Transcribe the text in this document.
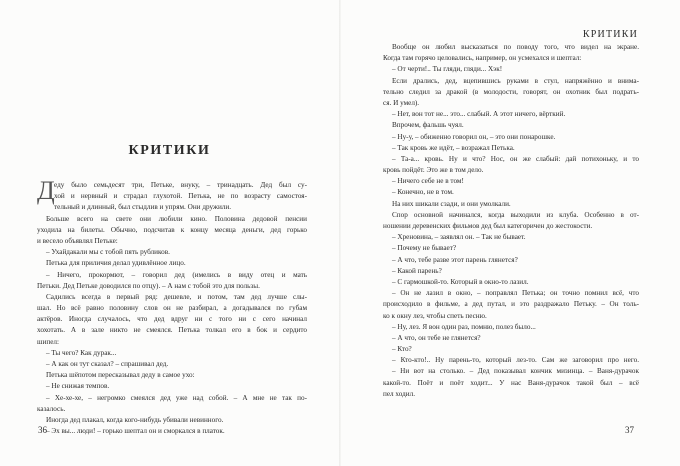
КРИТИКИ
Д еду было семьдесят три, Петьке, внуку, – тринадцать. Дед был су-
хой и нервный и страдал глухотой. Петька, не по возрасту самостоя-
тельный и длинный, был стыдлив и упрям. Они дружили.
Больше всего на свете они любили кино. Половина дедовой пенсии
уходила на билеты. Обычно, подсчитав к концу месяца деньги, дед горько
и весело объявлял Петьке:
– Ухайдакали мы с тобой пять рубликов.
Петька для приличия делал удивлённое лицо.
– Ничего, прокормют, – говорил дед (имелись в виду отец и мать
Петьки. Дед Петьке доводился по отцу). – А нам с тобой это для пользы.
Садились всегда в первый ряд: дешевле, и потом, там дед лучше слы-
шал. Но всё равно половину слов он не разбирал, а догадывался по губам
актёров. Иногда случалось, что дед вдруг ни с того ни с сего начинал
хохотать. А в зале никто не смеялся. Петька толкал его в бок и сердито
шипел:
– Ты чего? Как дурак...
– А как он тут сказал? – спрашивал дед.
Петька шёпотом пересказывал деду в самое ухо:
– Не снижая темпов.
– Хе-хе-хе, – негромко смеялся дед уже над собой. – А мне не так по-
казалось.
Иногда дед плакал, когда кого-нибудь убивали невинного.
– Эх вы... люди! – горько шептал он и сморкался в платок.
36
КРИТИКИ
Вообще он любил высказаться по поводу того, что видел на экране.
Когда там горячо целовались, например, он усмехался и шептал:
– От черти!.. Ты гляди, гляди... Хэк!
Если дрались, дед, вцепившись руками в стул, напряжённо и внима-
тельно следил за дракой (в молодости, говорят, он охотник был подрать-
ся. И умел).
– Нет, вон тот не... это... слабый. А этот ничего, вёрткий.
Впрочем, фальшь чуял.
– Ну-у, – обиженно говорил он, – это они понарошке.
– Так кровь же идёт, – возражал Петька.
– Та-а... кровь. Ну и что? Нос, он же слабый: дай потихоньку, и то
кровь пойдёт. Это же в том дело.
– Ничего себе не в том!
– Конечно, не в том.
На них шикали сзади, и они умолкали.
Спор основной начинался, когда выходили из клуба. Особенно в от-
ношении деревенских фильмов дед был категоричен до жестокости.
– Хреновина, – заявлял он. – Так не бывает.
– Почему не бывает?
– А что, тебе разве этот парень глянется?
– Какой парень?
– С гармошкой-то. Который в окно-то лазил.
– Он не лазил в окно, – поправлял Петька; он точно помнил всё, что
происходило в фильме, а дед путал, и это раздражало Петьку. – Он толь-
ко к окну лез, чтобы спеть песню.
– Ну, лез. Я вон один раз, помню, полез было...
– А что, он тебе не глянется?
– Кто?
– Кто-кто!.. Ну парень-то, который лез-то. Сам же заговорил про него.
– Ни вот на столько. – Дед показывал кончик мизинца. – Ваня-дурачок
какой-то. Поёт и поёт ходит... У нас Ваня-дурачок такой был – всё
пел ходил.
37
